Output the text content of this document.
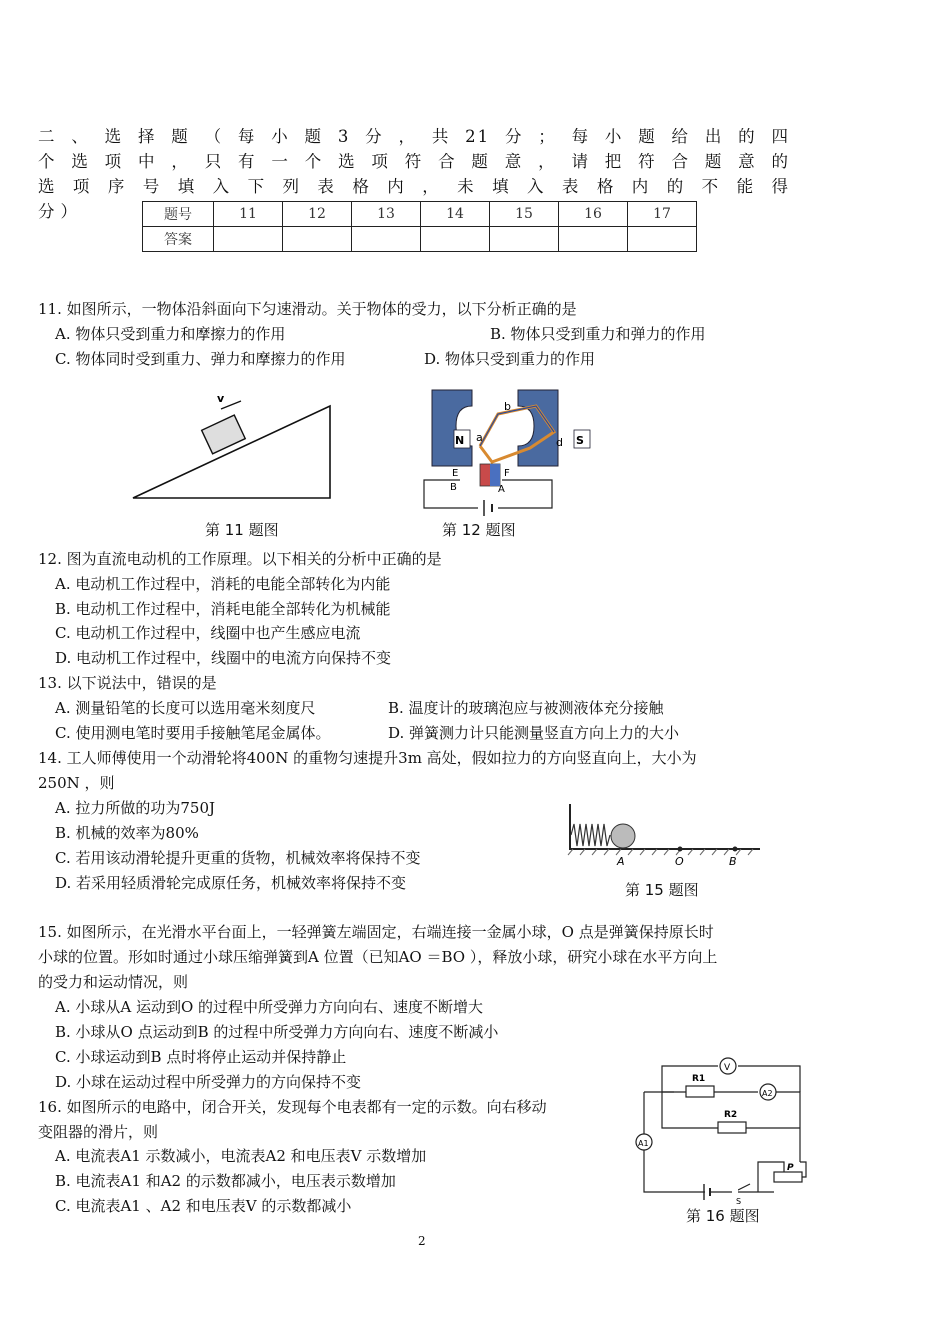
二、选择题（每小题3分，共21分；每小题给出的四
个选项中，只有一个选项符合题意，请把符合题意的
选项序号填入下列表格内，未填入表格内的不能得
分）	题号	11	12	13	14	15	16	17
答案							
11. 如图所示，一物体沿斜面向下匀速滑动。关于物体的受力，以下分析正确的是
A. 物体只受到重力和摩擦力的作用	B. 物体只受到重力和弹力的作用
C. 物体同时受到重力、弹力和摩擦力的作用	D. 物体只受到重力的作用
v
第 11 题图
N	S
a
b
d
E	F
B	A
第 12 题图
12. 图为直流电动机的工作原理。以下相关的分析中正确的是
A. 电动机工作过程中，消耗的电能全部转化为内能
B. 电动机工作过程中，消耗电能全部转化为机械能
C. 电动机工作过程中，线圈中也产生感应电流
D. 电动机工作过程中，线圈中的电流方向保持不变
13. 以下说法中，错误的是
A. 测量铅笔的长度可以选用毫米刻度尺	B. 温度计的玻璃泡应与被测液体充分接触
C. 使用测电笔时要用手接触笔尾金属体。	D. 弹簧测力计只能测量竖直方向上力的大小
14. 工人师傅使用一个动滑轮将400N 的重物匀速提升3m 高处，假如拉力的方向竖直向上，大小为
250N ，则
A. 拉力所做的功为750J
B. 机械的效率为80%
C. 若用该动滑轮提升更重的货物，机械效率将保持不变
D. 若采用轻质滑轮完成原任务，机械效率将保持不变
A	O	B
第 15 题图
15. 如图所示，在光滑水平台面上，一轻弹簧左端固定，右端连接一金属小球，O 点是弹簧保持原长时
小球的位置。形如时通过小球压缩弹簧到A 位置（已知AO ＝BO ），释放小球，研究小球在水平方向上
的受力和运动情况，则
A. 小球从A 运动到O 的过程中所受弹力方向向右、速度不断增大
B. 小球从O 点运动到B 的过程中所受弹力方向向右、速度不断减小
C. 小球运动到B 点时将停止运动并保持静止
D. 小球在运动过程中所受弹力的方向保持不变
V
R1
A2
R2
A1
S
P
第 16 题图
16. 如图所示的电路中，闭合开关，发现每个电表都有一定的示数。向右移动
变阻器的滑片，则
A. 电流表A1 示数减小，电流表A2 和电压表V 示数增加
B. 电流表A1 和A2 的示数都减小，电压表示数增加
C. 电流表A1 、A2 和电压表V 的示数都减小
2
